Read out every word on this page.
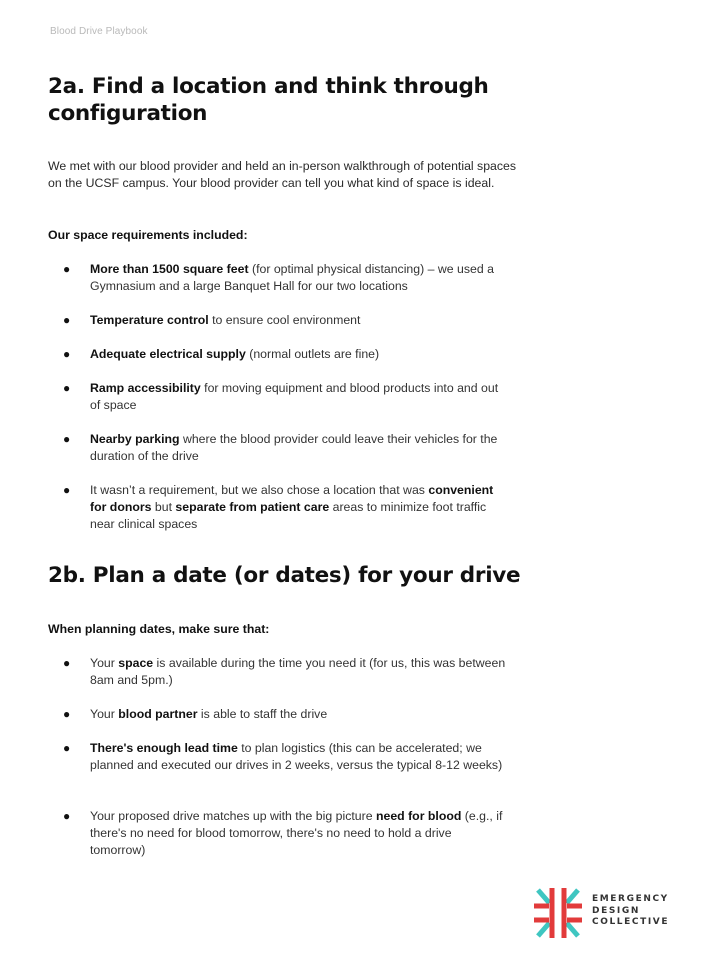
Blood Drive Playbook
2a. Find a location and think through
configuration

We met with our blood provider and held an in-person walkthrough of potential spaces on the UCSF campus. Your blood provider can tell you what kind of space is ideal.

Our space requirements included:

● More than 1500 square feet (for optimal physical distancing) – we used a Gymnasium and a large Banquet Hall for our two locations
● Temperature control to ensure cool environment
● Adequate electrical supply (normal outlets are fine)
● Ramp accessibility for moving equipment and blood products into and out of space
● Nearby parking where the blood provider could leave their vehicles for the duration of the drive
● It wasn’t a requirement, but we also chose a location that was convenient for donors but separate from patient care areas to minimize foot traffic near clinical spaces
2b. Plan a date (or dates) for your drive

When planning dates, make sure that:

● Your space is available during the time you need it (for us, this was between 8am and 5pm.)
● Your blood partner is able to staff the drive
● There's enough lead time to plan logistics (this can be accelerated; we planned and executed our drives in 2 weeks, versus the typical 8-12 weeks)
● Your proposed drive matches up with the big picture need for blood (e.g., if there's no need for blood tomorrow, there's no need to hold a drive tomorrow)
EMERGENCY
DESIGN
COLLECTIVE
